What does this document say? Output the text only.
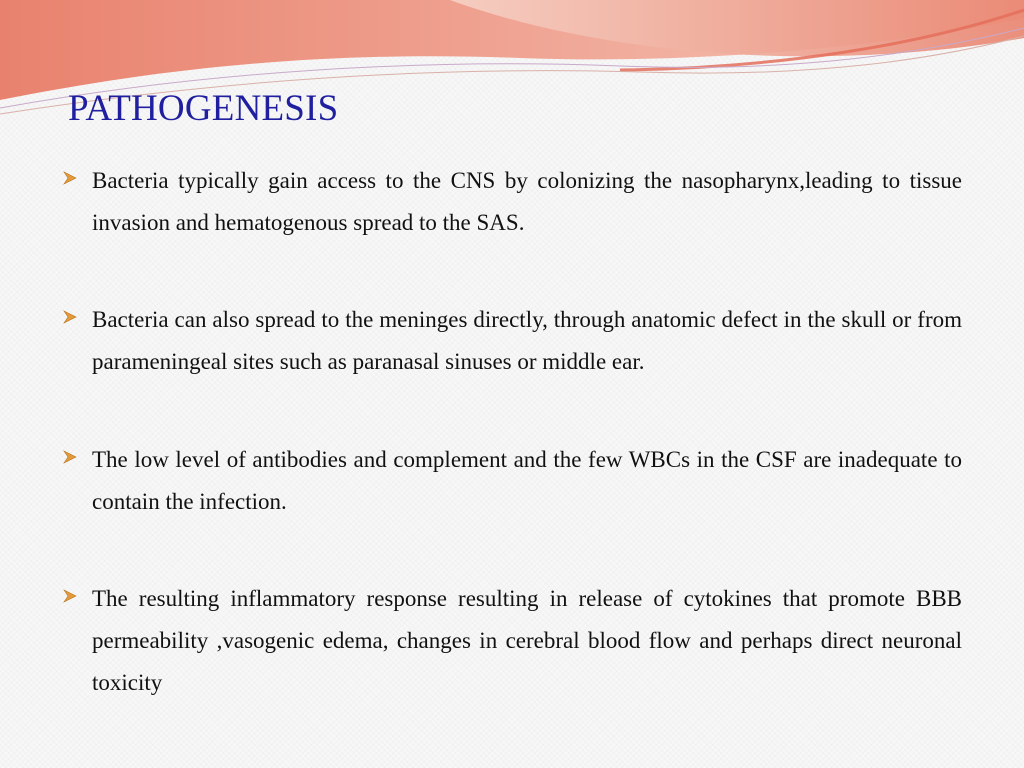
PATHOGENESIS

Bacteria typically gain access to the CNS by colonizing the nasopharynx,leading to tissue invasion and hematogenous spread to the SAS.

Bacteria can also spread to the meninges directly, through anatomic defect in the skull or from parameningeal sites such as paranasal sinuses or middle ear.

The low level of antibodies and complement and the few WBCs in the CSF are inadequate to contain the infection.

The resulting inflammatory response resulting in release of cytokines that promote BBB permeability ,vasogenic edema, changes in cerebral blood flow and perhaps direct neuronal toxicity
